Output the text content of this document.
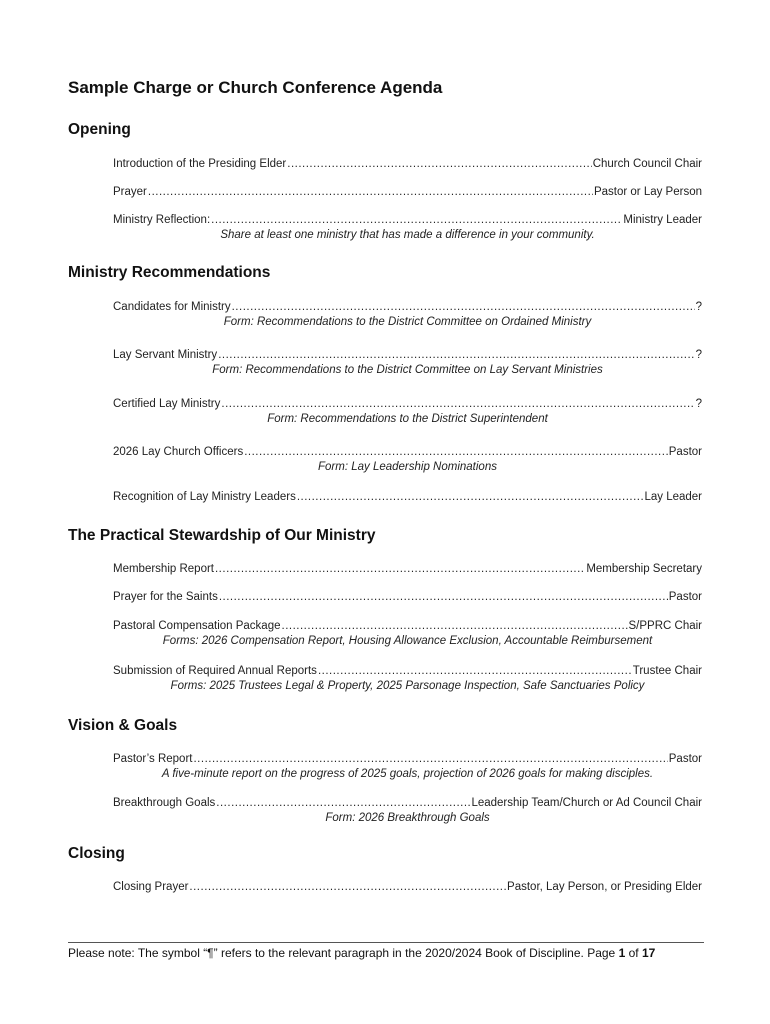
Sample Charge or Church Conference Agenda
Opening
Introduction of the Presiding Elder .....	Church Council Chair
Prayer .....	Pastor or Lay Person
Ministry Reflection: .....	Ministry Leader
Share at least one ministry that has made a difference in your community.
Ministry Recommendations
Candidates for Ministry .....	?
Form: Recommendations to the District Committee on Ordained Ministry
Lay Servant Ministry .....	?
Form: Recommendations to the District Committee on Lay Servant Ministries
Certified Lay Ministry .....	?
Form: Recommendations to the District Superintendent
2026 Lay Church Officers .....	Pastor
Form: Lay Leadership Nominations
Recognition of Lay Ministry Leaders .....	Lay Leader
The Practical Stewardship of Our Ministry
Membership Report .....	Membership Secretary
Prayer for the Saints .....	Pastor
Pastoral Compensation Package .....	S/PPRC Chair
Forms: 2026 Compensation Report, Housing Allowance Exclusion, Accountable Reimbursement
Submission of Required Annual Reports .....	Trustee Chair
Forms: 2025 Trustees Legal & Property, 2025 Parsonage Inspection, Safe Sanctuaries Policy
Vision & Goals
Pastor’s Report .....	Pastor
A five-minute report on the progress of 2025 goals, projection of 2026 goals for making disciples.
Breakthrough Goals .....	Leadership Team/Church or Ad Council Chair
Form: 2026 Breakthrough Goals
Closing
Closing Prayer .....	Pastor, Lay Person, or Presiding Elder
Please note: The symbol “¶” refers to the relevant paragraph in the 2020/2024 Book of Discipline. Page 1 of 17
